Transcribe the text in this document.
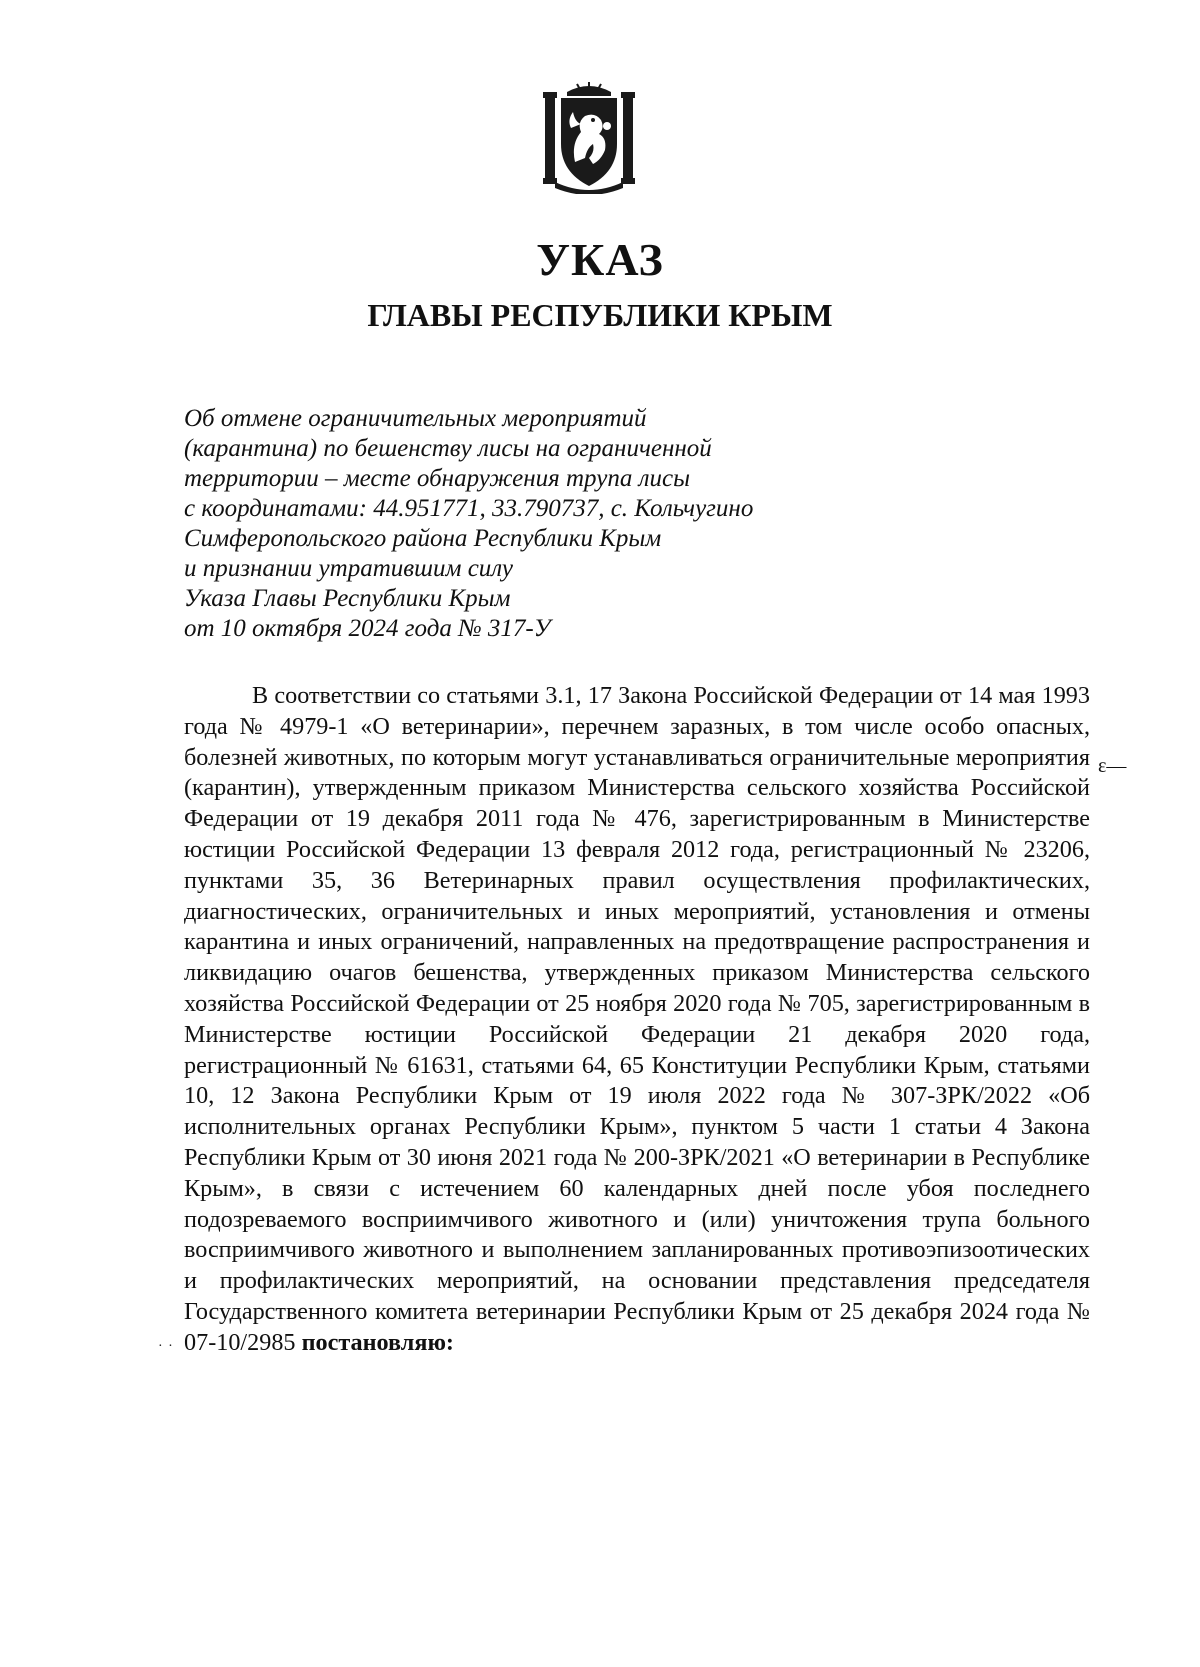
УКАЗ
ГЛАВЫ РЕСПУБЛИКИ КРЫМ
Об отмене ограничительных мероприятий
(карантина) по бешенству лисы на ограниченной
территории – месте обнаружения трупа лисы
с координатами: 44.951771, 33.790737, с. Кольчугино
Симферопольского района Республики Крым
и признании утратившим силу
Указа Главы Республики Крым
от 10 октября 2024 года № 317-У

В соответствии со статьями 3.1, 17 Закона Российской Федерации от 14 мая 1993 года № 4979-1 «О ветеринарии», перечнем заразных, в том числе особо опасных, болезней животных, по которым могут устанавливаться ограничительные мероприятия (карантин), утвержденным приказом Министерства сельского хозяйства Российской Федерации от 19 декабря 2011 года № 476, зарегистрированным в Министерстве юстиции Российской Федерации 13 февраля 2012 года, регистрационный № 23206, пунктами 35, 36 Ветеринарных правил осуществления профилактических, диагностических, ограничительных и иных мероприятий, установления и отмены карантина и иных ограничений, направленных на предотвращение распространения и ликвидацию очагов бешенства, утвержденных приказом Министерства сельского хозяйства Российской Федерации от 25 ноября 2020 года № 705, зарегистрированным в Министерстве юстиции Российской Федерации 21 декабря 2020 года, регистрационный № 61631, статьями 64, 65 Конституции Республики Крым, статьями 10, 12 Закона Республики Крым от 19 июля 2022 года № 307-ЗРК/2022 «Об исполнительных органах Республики Крым», пунктом 5 части 1 статьи 4 Закона Республики Крым от 30 июня 2021 года № 200-ЗРК/2021 «О ветеринарии в Республике Крым», в связи с истечением 60 календарных дней после убоя последнего подозреваемого восприимчивого животного и (или) уничтожения трупа больного восприимчивого животного и выполнением запланированных противоэпизоотических и профилактических мероприятий, на основании представления председателя Государственного комитета ветеринарии Республики Крым от 25 декабря 2024 года № 07-10/2985 постановляю:

ɛ—
· ·
